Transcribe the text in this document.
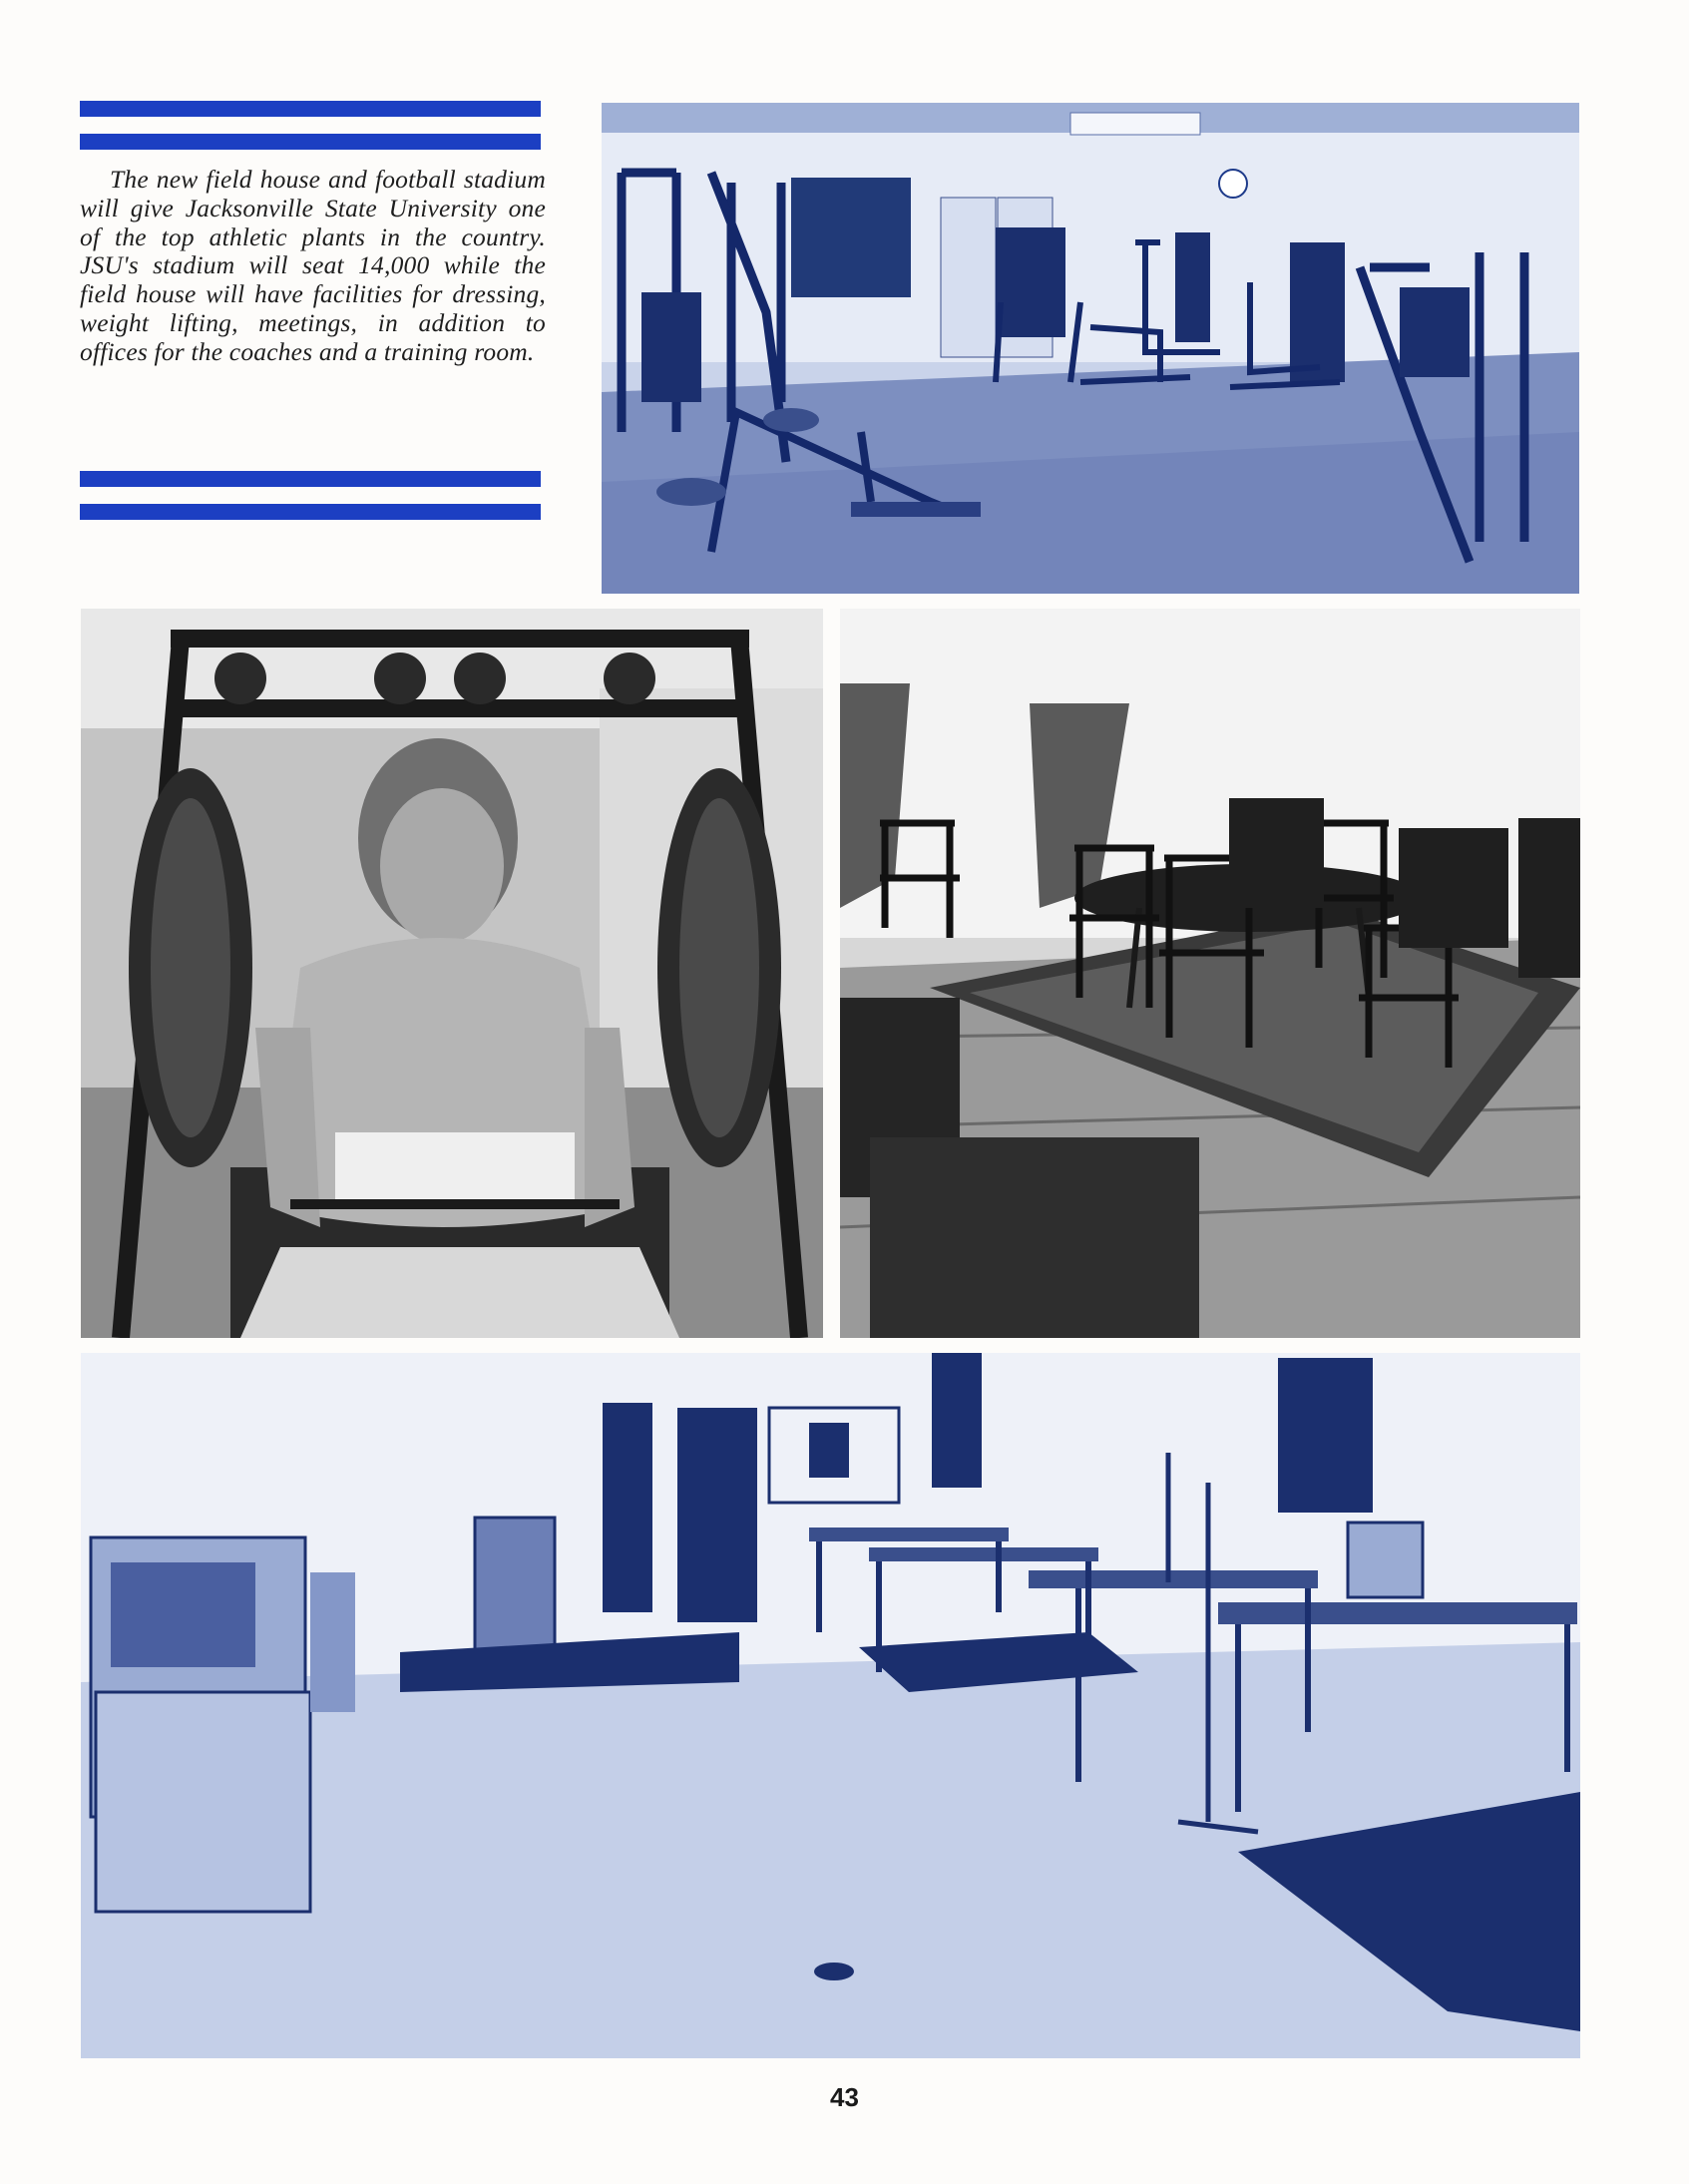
The new field house and football stadium will give Jacksonville State University one of the top athletic plants in the country. JSU's stadium will seat 14,000 while the field house will have facilities for dressing, weight lifting, meetings, in addition to offices for the coaches and a training room.

43
